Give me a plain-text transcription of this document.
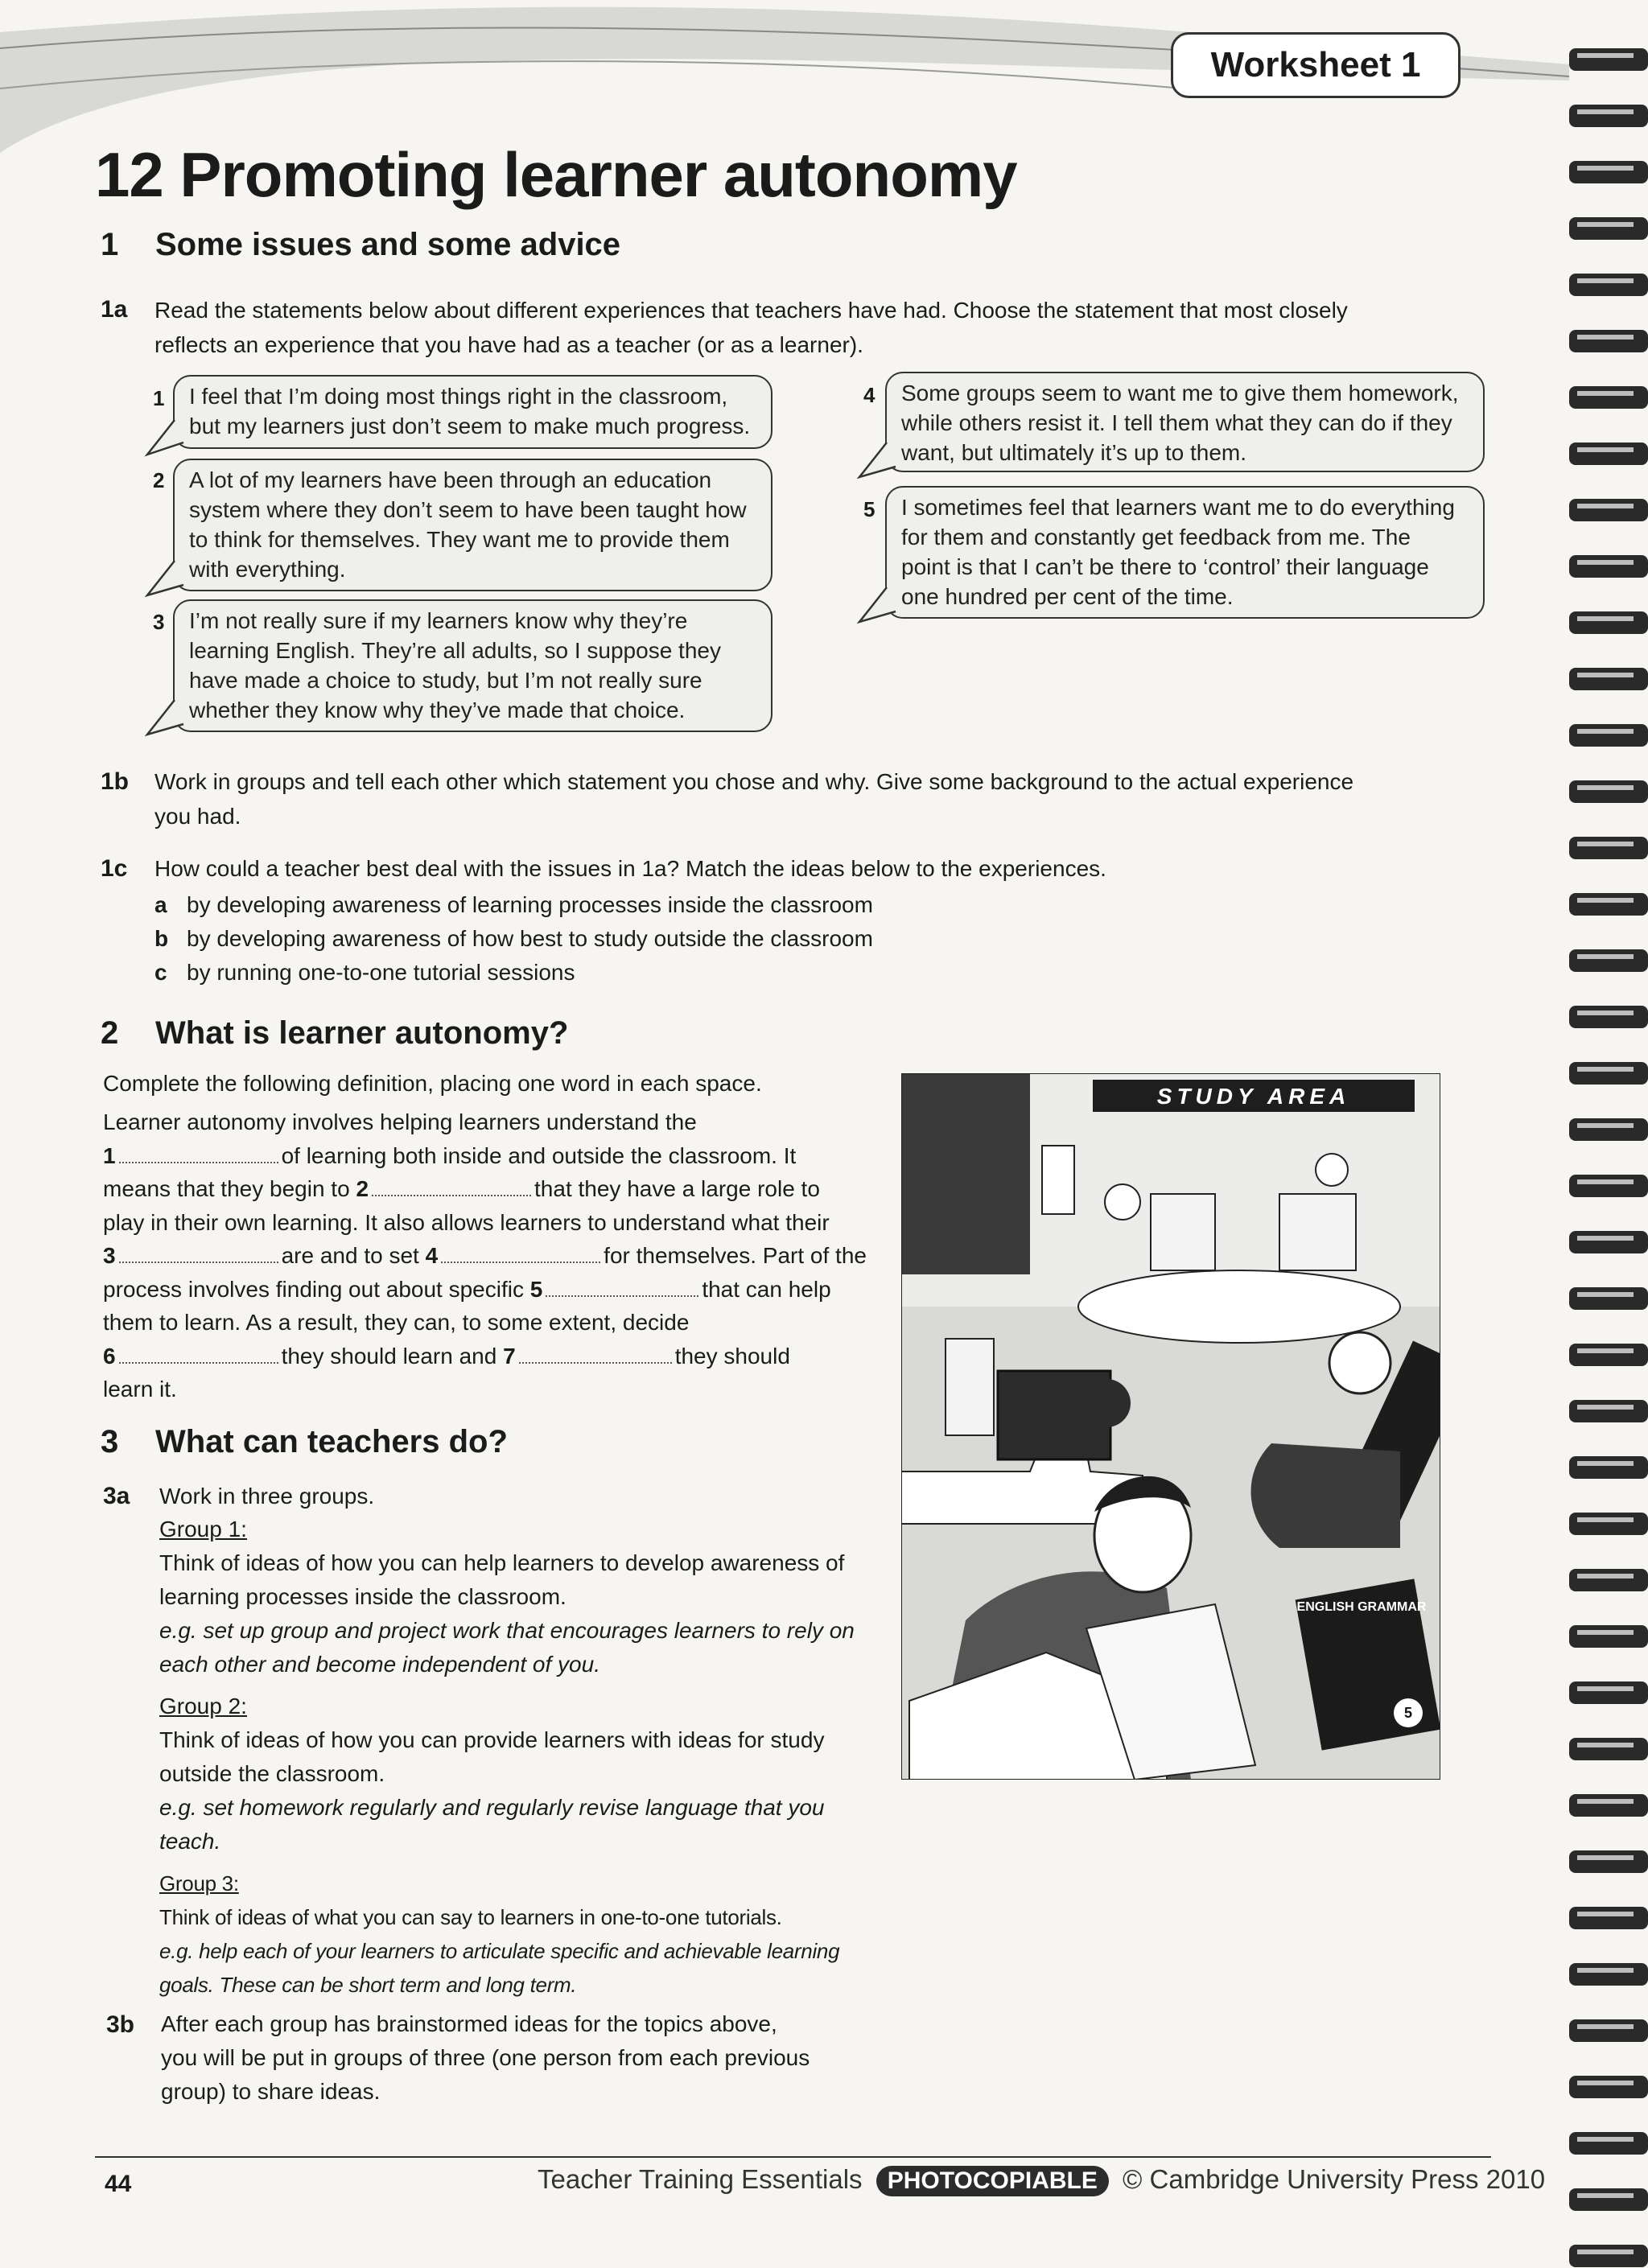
Worksheet 1
12 Promoting learner autonomy
1 Some issues and some advice
1a Read the statements below about different experiences that teachers have had. Choose the statement that most closely
reflects an experience that you have had as a teacher (or as a learner).
1 I feel that I’m doing most things right in the classroom,
but my learners just don’t seem to make much progress.
2 A lot of my learners have been through an education
system where they don’t seem to have been taught how
to think for themselves. They want me to provide them
with everything.
3 I’m not really sure if my learners know why they’re
learning English. They’re all adults, so I suppose they
have made a choice to study, but I’m not really sure
whether they know why they’ve made that choice.
4 Some groups seem to want me to give them homework,
while others resist it. I tell them what they can do if they
want, but ultimately it’s up to them.
5 I sometimes feel that learners want me to do everything
for them and constantly get feedback from me. The
point is that I can’t be there to ‘control’ their language
one hundred per cent of the time.
1b Work in groups and tell each other which statement you chose and why. Give some background to the actual experience
you had.
1c How could a teacher best deal with the issues in 1a? Match the ideas below to the experiences.
a by developing awareness of learning processes inside the classroom
b by developing awareness of how best to study outside the classroom
c by running one-to-one tutorial sessions
2 What is learner autonomy?
Complete the following definition, placing one word in each space.
Learner autonomy involves helping learners understand the
1	of learning both inside and outside the classroom. It
means that they begin to 2	that they have a large role to
play in their own learning. It also allows learners to understand what their
3	are and to set 4	for themselves. Part of the
process involves finding out about specific 5	that can help
them to learn. As a result, they can, to some extent, decide
6	they should learn and 7	they should
learn it.
3 What can teachers do?
3a Work in three groups.
Group 1:
Think of ideas of how you can help learners to develop awareness of
learning processes inside the classroom.
e.g. set up group and project work that encourages learners to rely on
each other and become independent of you.
Group 2:
Think of ideas of how you can provide learners with ideas for study
outside the classroom.
e.g. set homework regularly and regularly revise language that you
teach.
Group 3:
Think of ideas of what you can say to learners in one-to-one tutorials.
e.g. help each of your learners to articulate specific and achievable learning
goals. These can be short term and long term.
3b After each group has brainstormed ideas for the topics above,
you will be put in groups of three (one person from each previous
group) to share ideas.
STUDY AREA
ENGLISH GRAMMAR
5
44	Teacher Training Essentials PHOTOCOPIABLE © Cambridge University Press 2010
